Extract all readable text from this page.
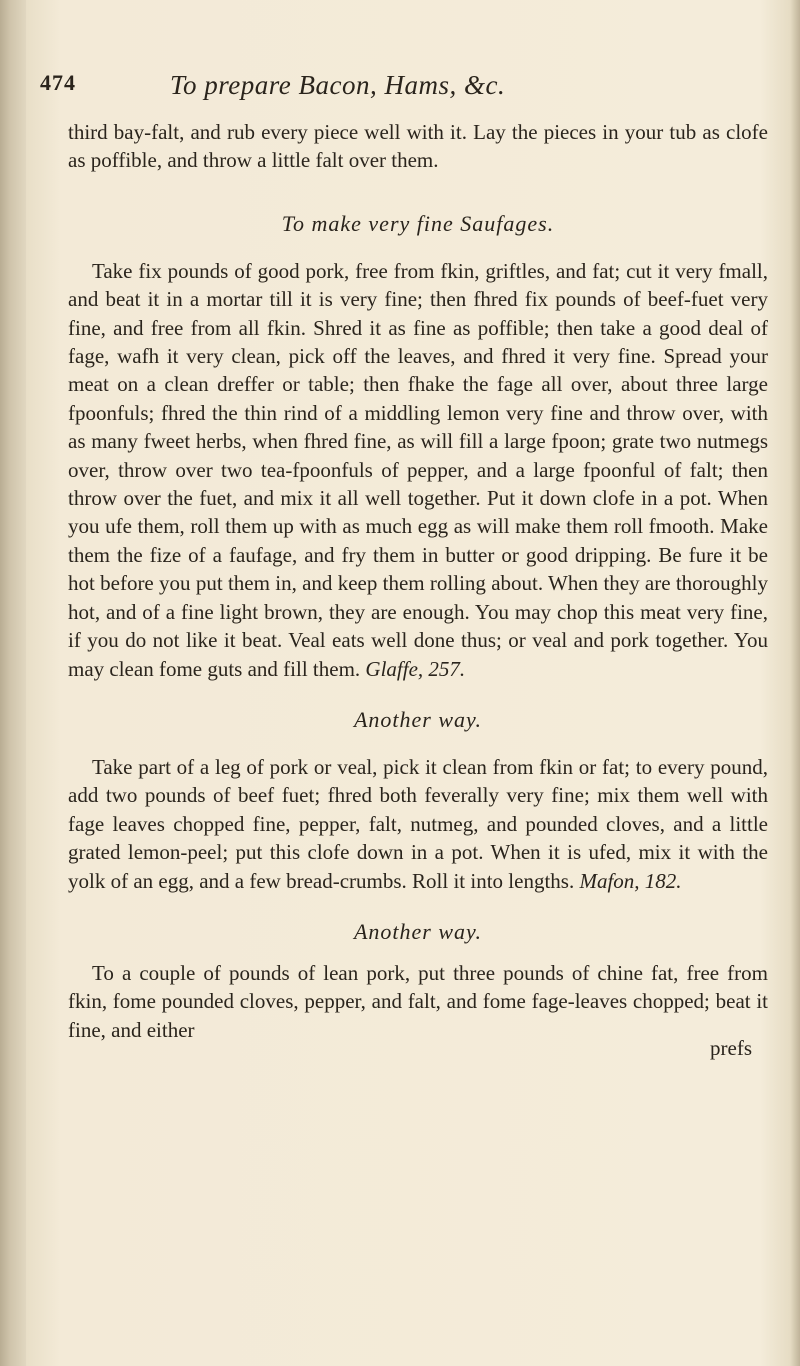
474	To prepare Bacon, Hams, &c.

third bay-falt, and rub every piece well with it. Lay the pieces in your tub as clofe as poffible, and throw a little falt over them.

To make very fine Saufages.

Take fix pounds of good pork, free from fkin, griftles, and fat; cut it very fmall, and beat it in a mortar till it is very fine; then fhred fix pounds of beef-fuet very fine, and free from all fkin. Shred it as fine as poffible; then take a good deal of fage, wafh it very clean, pick off the leaves, and fhred it very fine. Spread your meat on a clean dreffer or table; then fhake the fage all over, about three large fpoonfuls; fhred the thin rind of a middling lemon very fine and throw over, with as many fweet herbs, when fhred fine, as will fill a large fpoon; grate two nutmegs over, throw over two tea-fpoonfuls of pepper, and a large fpoonful of falt; then throw over the fuet, and mix it all well together. Put it down clofe in a pot. When you ufe them, roll them up with as much egg as will make them roll fmooth. Make them the fize of a faufage, and fry them in butter or good dripping. Be fure it be hot before you put them in, and keep them rolling about. When they are thoroughly hot, and of a fine light brown, they are enough. You may chop this meat very fine, if you do not like it beat. Veal eats well done thus; or veal and pork together. You may clean fome guts and fill them. Glaffe, 257.

Another way.

Take part of a leg of pork or veal, pick it clean from fkin or fat; to every pound, add two pounds of beef fuet; fhred both feverally very fine; mix them well with fage leaves chopped fine, pepper, falt, nutmeg, and pounded cloves, and a little grated lemon-peel; put this clofe down in a pot. When it is ufed, mix it with the yolk of an egg, and a few bread-crumbs. Roll it into lengths. Mafon, 182.

Another way.

To a couple of pounds of lean pork, put three pounds of chine fat, free from fkin, fome pounded cloves, pepper, and falt, and fome fage-leaves chopped; beat it fine, and either

prefs
